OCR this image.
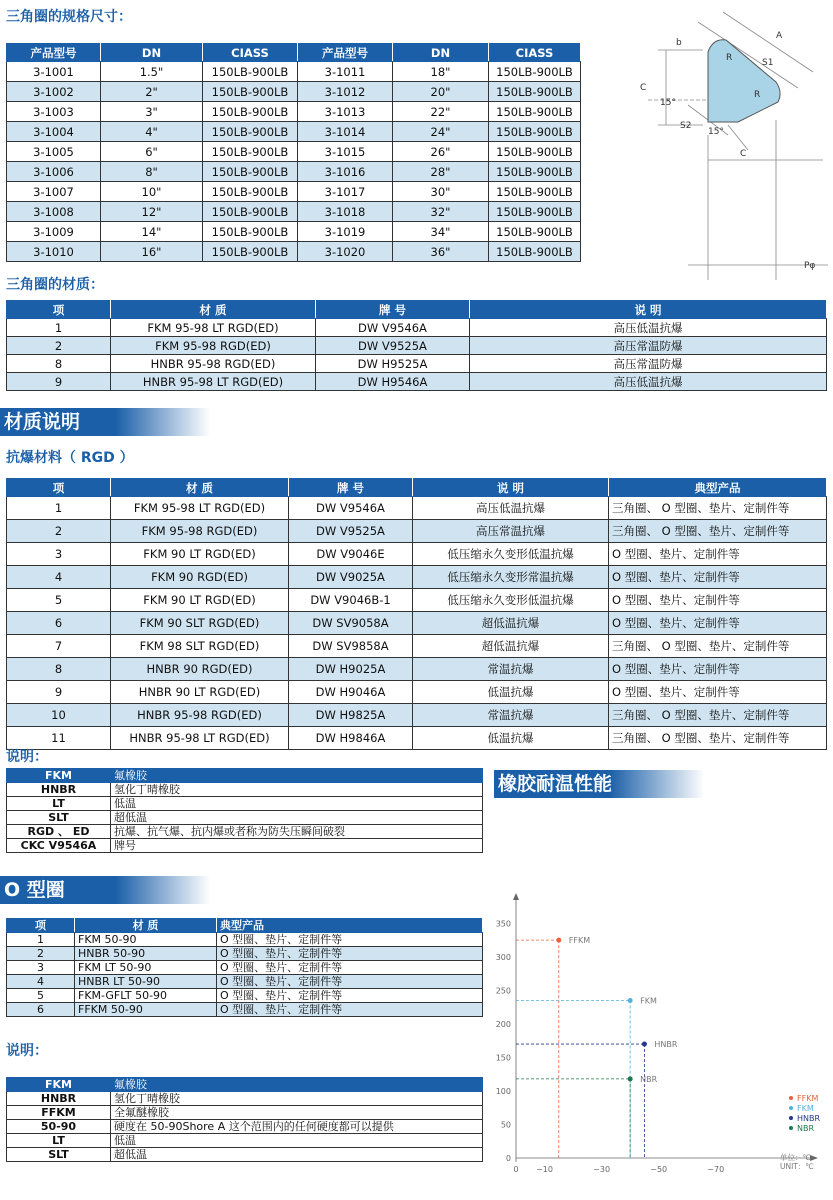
三角圈的规格尺寸：
产品型号	DN	CIASS	产品型号	DN	CIASS
3-1001	1.5"	150LB-900LB	3-1011	18"	150LB-900LB
3-1002	2"	150LB-900LB	3-1012	20"	150LB-900LB
3-1003	3"	150LB-900LB	3-1013	22"	150LB-900LB
3-1004	4"	150LB-900LB	3-1014	24"	150LB-900LB
3-1005	6"	150LB-900LB	3-1015	26"	150LB-900LB
3-1006	8"	150LB-900LB	3-1016	28"	150LB-900LB
3-1007	10"	150LB-900LB	3-1017	30"	150LB-900LB
3-1008	12"	150LB-900LB	3-1018	32"	150LB-900LB
3-1009	14"	150LB-900LB	3-1019	34"	150LB-900LB
3-1010	16"	150LB-900LB	3-1020	36"	150LB-900LB
b
A
S1
R
R
C
15°
S2
15°
C
Pφ
三角圈的材质：
项	材 质	牌 号	说 明
1	FKM 95-98 LT RGD(ED)	DW V9546A	高压低温抗爆
2	FKM 95-98 RGD(ED)	DW V9525A	高压常温防爆
8	HNBR 95-98 RGD(ED)	DW H9525A	高压常温防爆
9	HNBR 95-98 LT RGD(ED)	DW H9546A	高压低温抗爆
材质说明
抗爆材料（ RGD ）
项	材 质	牌 号	说 明	典型产品
1	FKM 95-98 LT RGD(ED)	DW V9546A	高压低温抗爆	三角圈、 O 型圈、垫片、定制件等
2	FKM 95-98 RGD(ED)	DW V9525A	高压常温抗爆	三角圈、 O 型圈、垫片、定制件等
3	FKM 90 LT RGD(ED)	DW V9046E	低压缩永久变形低温抗爆	O 型圈、垫片、定制件等
4	FKM 90 RGD(ED)	DW V9025A	低压缩永久变形常温抗爆	O 型圈、垫片、定制件等
5	FKM 90 LT RGD(ED)	DW V9046B-1	低压缩永久变形低温抗爆	O 型圈、垫片、定制件等
6	FKM 90 SLT RGD(ED)	DW SV9058A	超低温抗爆	O 型圈、垫片、定制件等
7	FKM 98 SLT RGD(ED)	DW SV9858A	超低温抗爆	三角圈、 O 型圈、垫片、定制件等
8	HNBR 90 RGD(ED)	DW H9025A	常温抗爆	O 型圈、垫片、定制件等
9	HNBR 90 LT RGD(ED)	DW H9046A	低温抗爆	O 型圈、垫片、定制件等
10	HNBR 95-98 RGD(ED)	DW H9825A	常温抗爆	三角圈、 O 型圈、垫片、定制件等
11	HNBR 95-98 LT RGD(ED)	DW H9846A	低温抗爆	三角圈、 O 型圈、垫片、定制件等
说明：
FKM	氟橡胶
HNBR	氢化丁晴橡胶
LT	低温
SLT	超低温
RGD 、 ED	抗爆、抗气爆、抗内爆或者称为防失压瞬间破裂
CKC V9546A	牌号
橡胶耐温性能
O 型圈
项	材 质	典型产品
1	FKM 50-90	O 型圈、垫片、定制件等
2	HNBR 50-90	O 型圈、垫片、定制件等
3	FKM LT 50-90	O 型圈、垫片、定制件等
4	HNBR LT 50-90	O 型圈、垫片、定制件等
5	FKM-GFLT 50-90	O 型圈、垫片、定制件等
6	FFKM 50-90	O 型圈、垫片、定制件等
说明：
FKM	氟橡胶
HNBR	氢化丁晴橡胶
FFKM	全氟醚橡胶
50-90	硬度在 50-90Shore A 这个范围内的任何硬度都可以提供
LT	低温
SLT	超低温	0
50
100
150
200
250
300
350
0 −10	−30	−50	−70
FFKM
FKM
HNBR
NBR
FFKM
FKM
HNBR
NBR
单位：℃
UNIT：℃
